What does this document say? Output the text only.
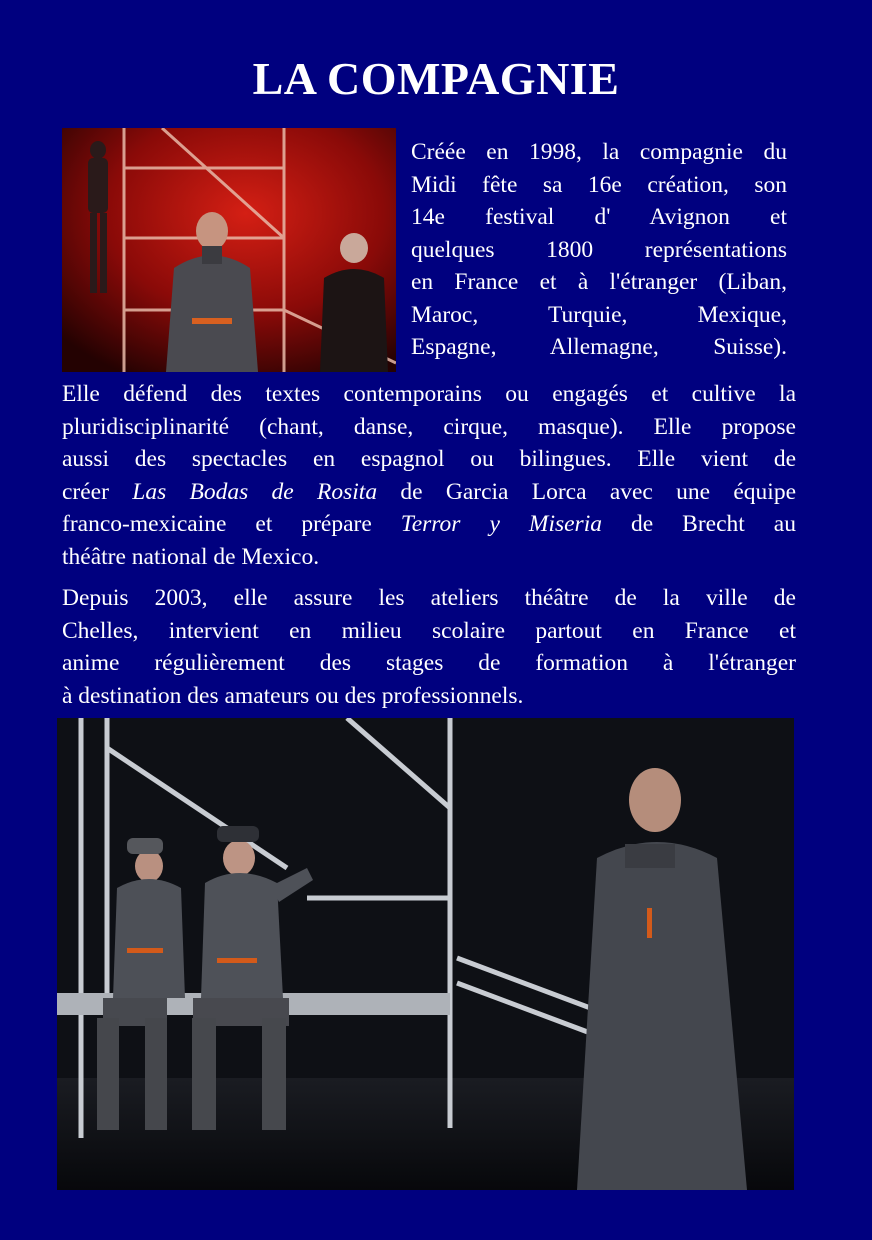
LA COMPAGNIE
Créée en 1998, la compagnie du
Midi fête sa 16e création, son
14e festival d' Avignon et
quelques 1800 représentations
en France et à l'étranger (Liban,
Maroc, Turquie, Mexique,
Espagne, Allemagne, Suisse).
Elle défend des textes contemporains ou engagés et cultive la
pluridisciplinarité (chant, danse, cirque, masque). Elle propose
aussi des spectacles en espagnol ou bilingues. Elle vient de
créer Las Bodas de Rosita de Garcia Lorca avec une équipe
franco-mexicaine et prépare Terror y Miseria de Brecht au
théâtre national de Mexico.
Depuis 2003, elle assure les ateliers théâtre de la ville de
Chelles, intervient en milieu scolaire partout en France et
anime régulièrement des stages de formation à l'étranger
à destination des amateurs ou des professionnels.
